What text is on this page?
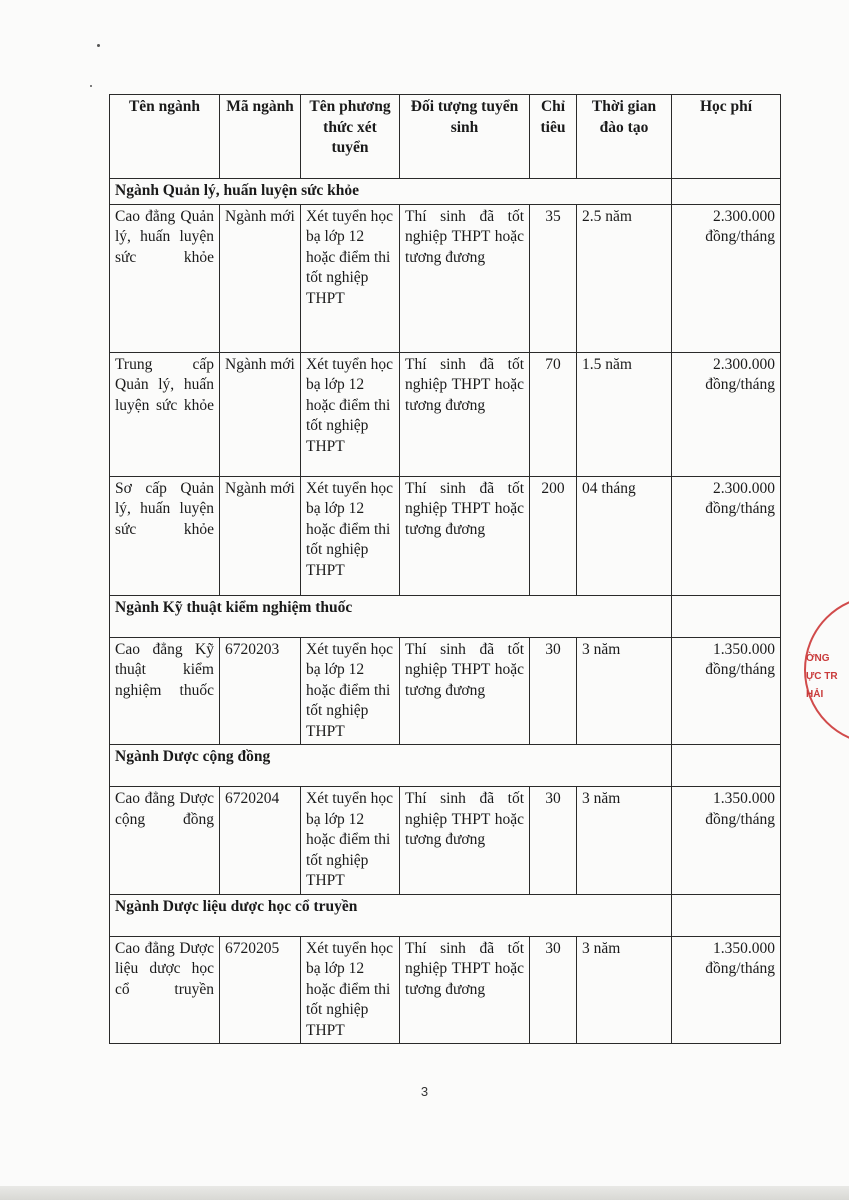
Tên ngành	Mã ngành	Tên phương thức xét tuyển	Đối tượng tuyển sinh	Chỉ tiêu	Thời gian đào tạo	Học phí
Ngành Quản lý, huấn luyện sức khỏe						
Cao đẳng Quản lý, huấn luyện sức khỏe	Ngành mới	Xét tuyển học bạ lớp 12 hoặc điểm thi tốt nghiệp THPT	Thí sinh đã tốt nghiệp THPT hoặc tương đương	35	2.5 năm	2.300.000 đồng/tháng
Trung cấp Quản lý, huấn luyện sức khỏe	Ngành mới	Xét tuyển học bạ lớp 12 hoặc điểm thi tốt nghiệp THPT	Thí sinh đã tốt nghiệp THPT hoặc tương đương	70	1.5 năm	2.300.000 đồng/tháng
Sơ cấp Quản lý, huấn luyện sức khỏe	Ngành mới	Xét tuyển học bạ lớp 12 hoặc điểm thi tốt nghiệp THPT	Thí sinh đã tốt nghiệp THPT hoặc tương đương	200	04 tháng	2.300.000 đồng/tháng
Ngành Kỹ thuật kiểm nghiệm thuốc						
Cao đẳng Kỹ thuật kiểm nghiệm thuốc	6720203	Xét tuyển học bạ lớp 12 hoặc điểm thi tốt nghiệp THPT	Thí sinh đã tốt nghiệp THPT hoặc tương đương	30	3 năm	1.350.000 đồng/tháng
Ngành Dược cộng đồng						
Cao đẳng Dược cộng đồng	6720204	Xét tuyển học bạ lớp 12 hoặc điểm thi tốt nghiệp THPT	Thí sinh đã tốt nghiệp THPT hoặc tương đương	30	3 năm	1.350.000 đồng/tháng
Ngành Dược liệu dược học cổ truyền						
Cao đẳng Dược liệu dược học cổ truyền	6720205	Xét tuyển học bạ lớp 12 hoặc điểm thi tốt nghiệp THPT	Thí sinh đã tốt nghiệp THPT hoặc tương đương	30	3 năm	1.350.000 đồng/tháng
3
ỜNG
ỰC TR
HẢI
